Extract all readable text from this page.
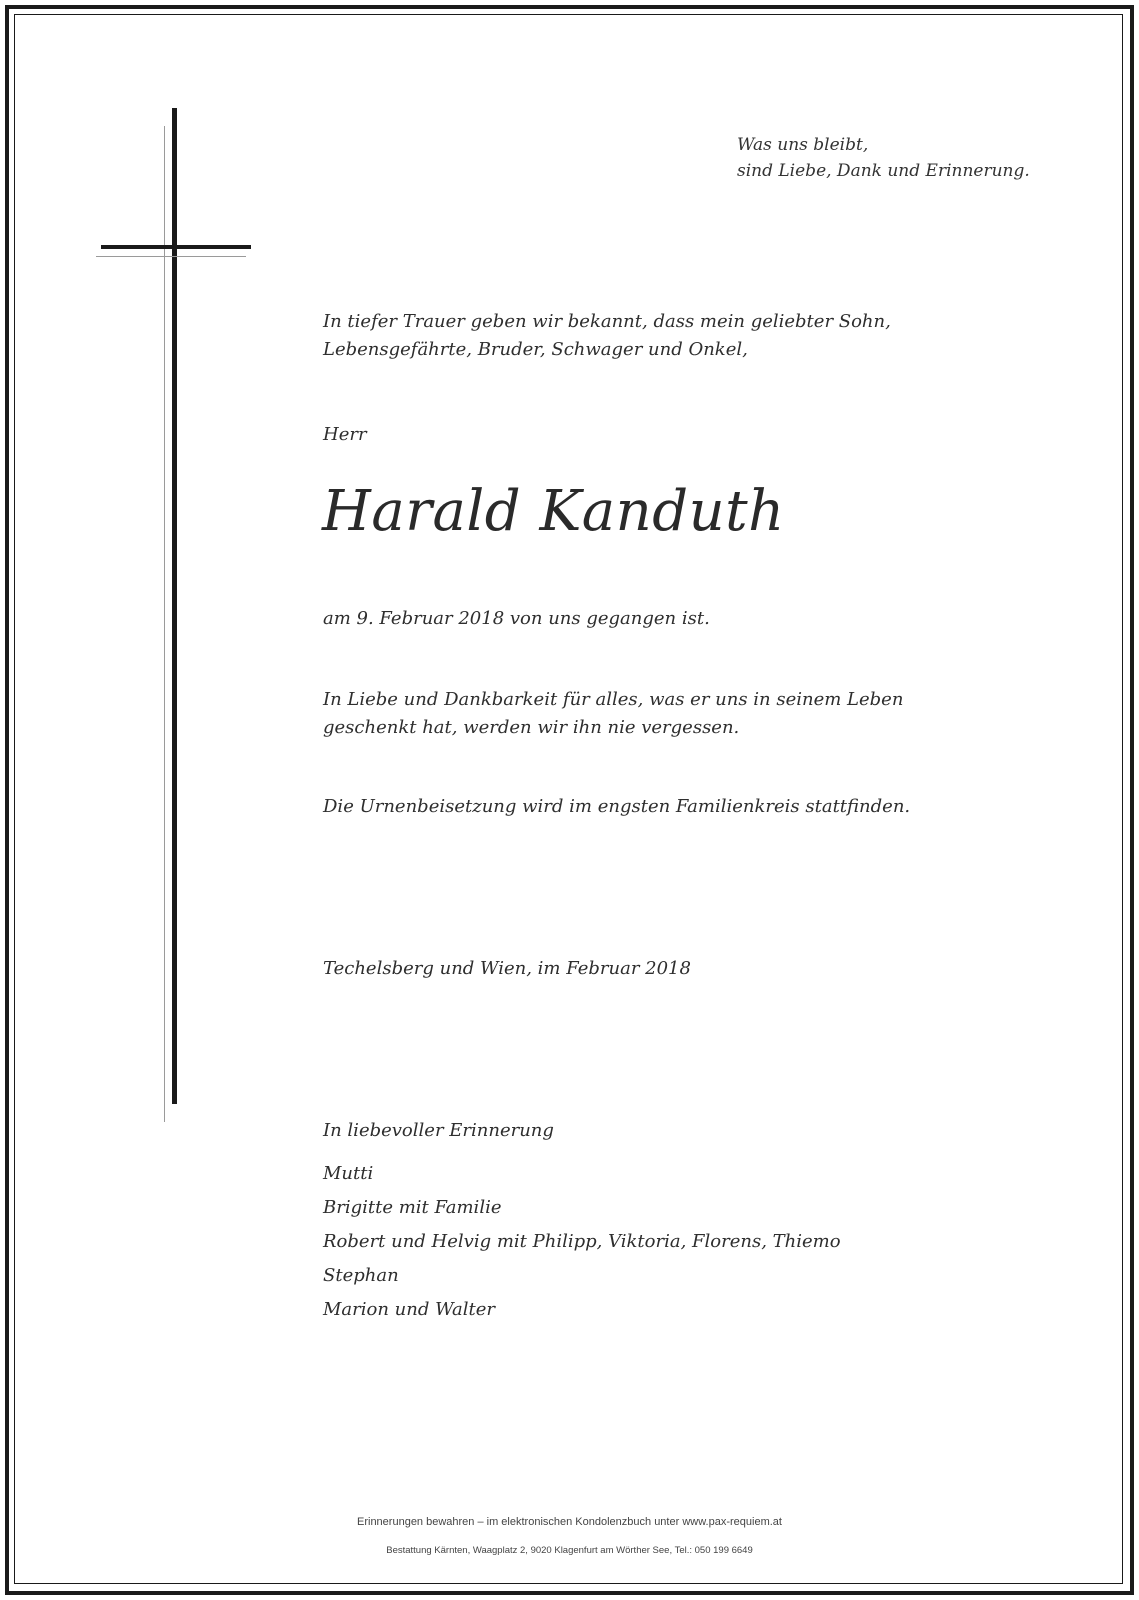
Was uns bleibt,
sind Liebe, Dank und Erinnerung.
In tiefer Trauer geben wir bekannt, dass mein geliebter Sohn,
Lebensgefährte, Bruder, Schwager und Onkel,
Herr
Harald Kanduth
am 9. Februar 2018 von uns gegangen ist.
In Liebe und Dankbarkeit für alles, was er uns in seinem Leben
geschenkt hat, werden wir ihn nie vergessen.
Die Urnenbeisetzung wird im engsten Familienkreis stattfinden.
Techelsberg und Wien, im Februar 2018
In liebevoller Erinnerung
Mutti
Brigitte mit Familie
Robert und Helvig mit Philipp, Viktoria, Florens, Thiemo
Stephan
Marion und Walter
Erinnerungen bewahren – im elektronischen Kondolenzbuch unter www.pax-requiem.at
Bestattung Kärnten, Waagplatz 2, 9020 Klagenfurt am Wörther See, Tel.: 050 199 6649
